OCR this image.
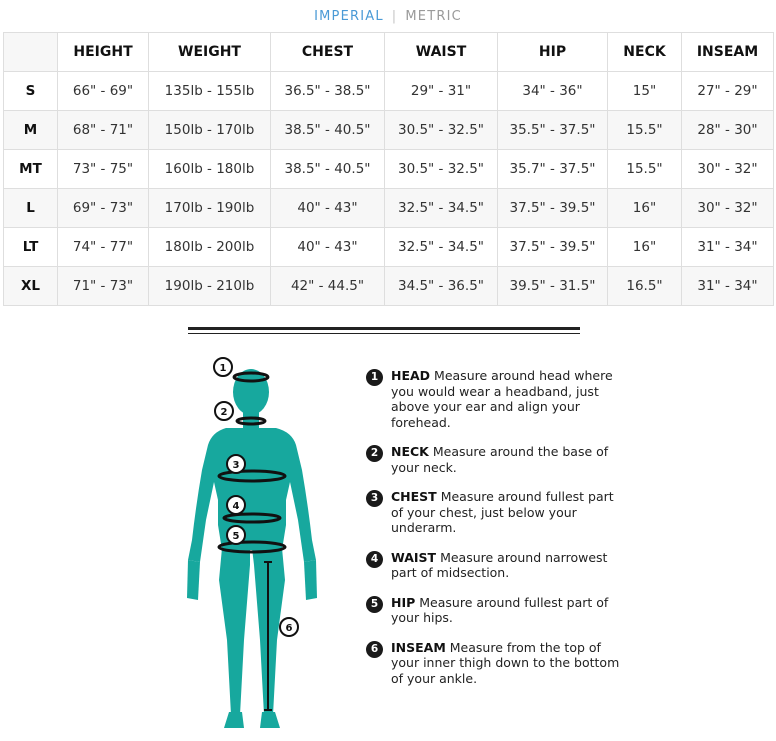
IMPERIAL | METRIC
	HEIGHT	WEIGHT	CHEST	WAIST	HIP	NECK	INSEAM
S	66" - 69"	135lb - 155lb	36.5" - 38.5"	29" - 31"	34" - 36"	15"	27" - 29"
M	68" - 71"	150lb - 170lb	38.5" - 40.5"	30.5" - 32.5"	35.5" - 37.5"	15.5"	28" - 30"
MT	73" - 75"	160lb - 180lb	38.5" - 40.5"	30.5" - 32.5"	35.7" - 37.5"	15.5"	30" - 32"
L	69" - 73"	170lb - 190lb	40" - 43"	32.5" - 34.5"	37.5" - 39.5"	16"	30" - 32"
LT	74" - 77"	180lb - 200lb	40" - 43"	32.5" - 34.5"	37.5" - 39.5"	16"	31" - 34"
XL	71" - 73"	190lb - 210lb	42" - 44.5"	34.5" - 36.5"	39.5" - 31.5"	16.5"	31" - 34"
1
2
3
4
5
6
1	HEAD Measure around head where you would wear a headband, just above your ear and align your forehead.
2	NECK Measure around the base of your neck.
3	CHEST Measure around fullest part of your chest, just below your underarm.
4	WAIST Measure around narrowest part of midsection.
5	HIP Measure around fullest part of your hips.
6	INSEAM Measure from the top of your inner thigh down to the bottom of your ankle.
